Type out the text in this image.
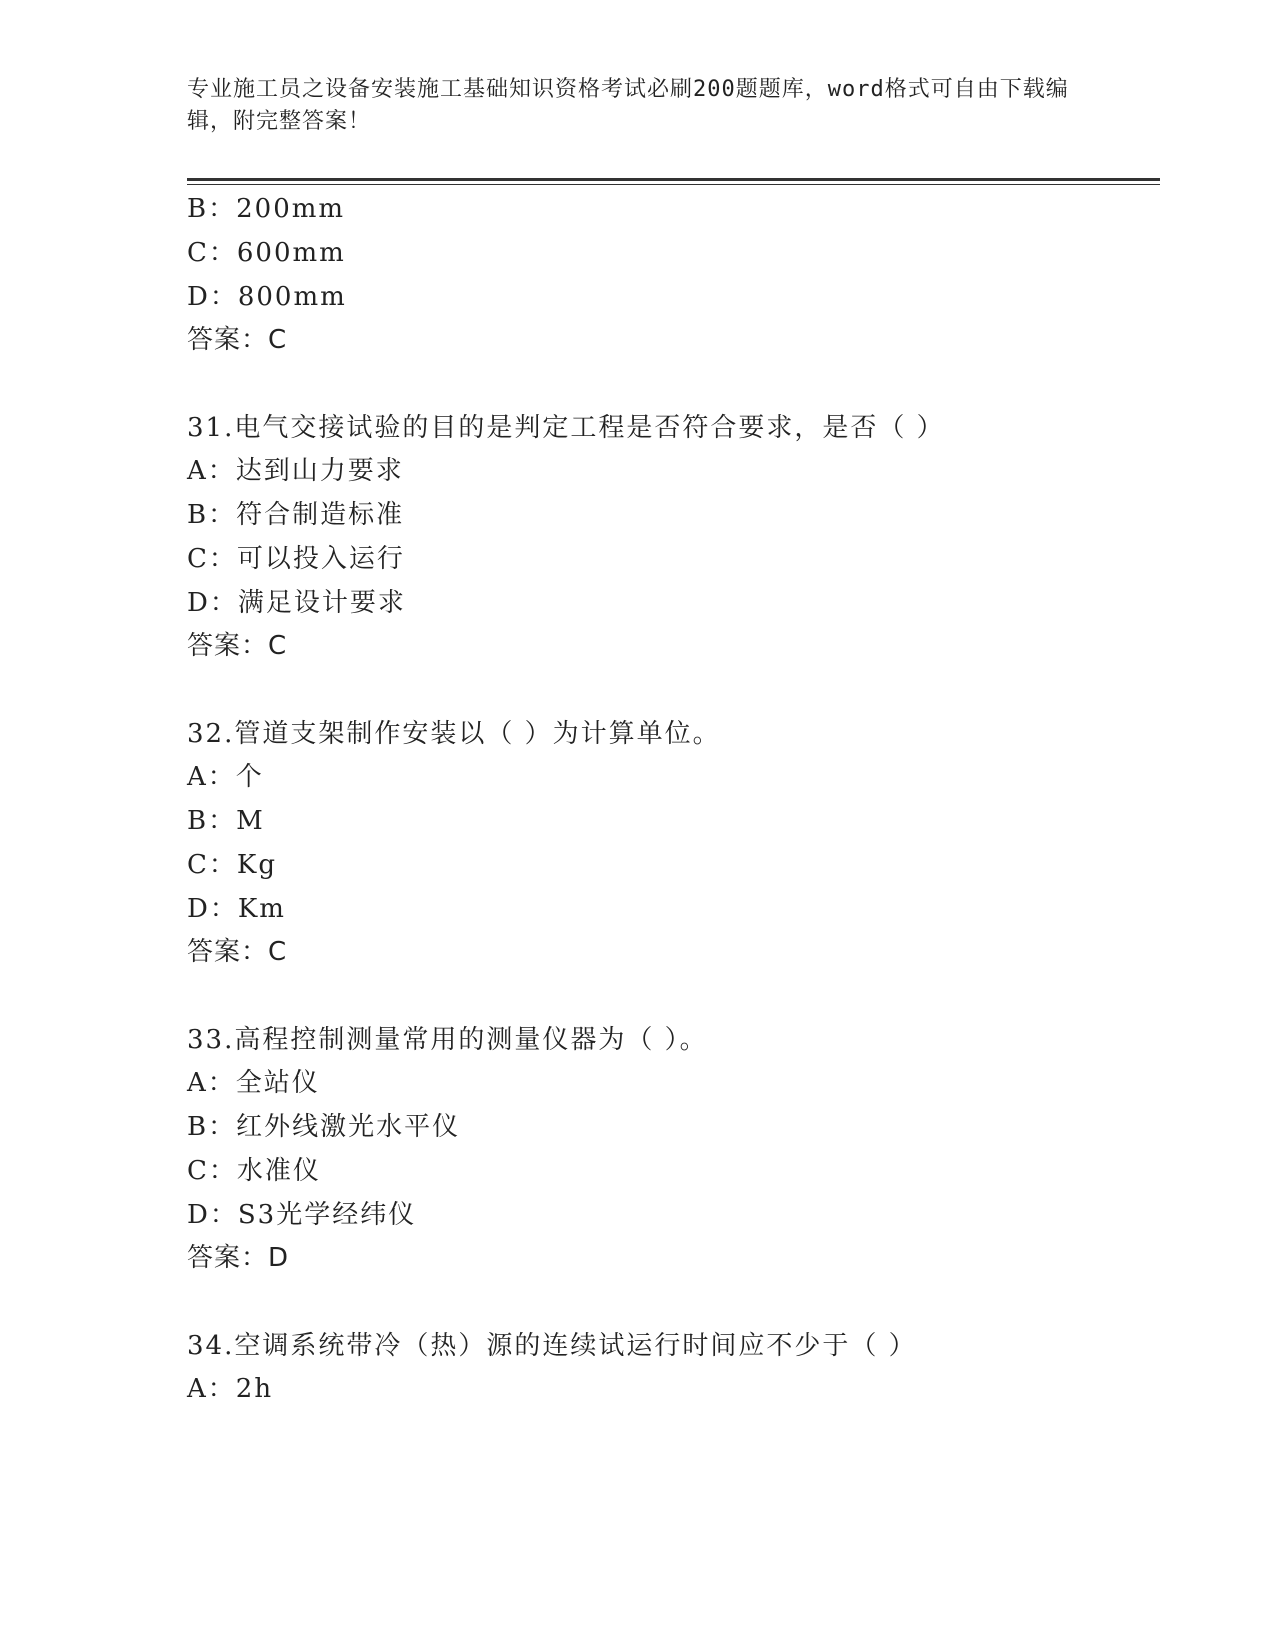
专业施工员之设备安装施工基础知识资格考试必刷200题题库，word格式可自由下载编辑，附完整答案！
B：200mm
C：600mm
D：800mm
答案：C
31.电气交接试验的目的是判定工程是否符合要求，是否（ ）
A：达到山力要求
B：符合制造标准
C：可以投入运行
D：满足设计要求
答案：C
32.管道支架制作安装以（ ）为计算单位。
A：个
B：M
C：Kg
D：Km
答案：C
33.高程控制测量常用的测量仪器为（ ）。
A：全站仪
B：红外线激光水平仪
C：水准仪
D：S3光学经纬仪
答案：D
34.空调系统带冷（热）源的连续试运行时间应不少于（ ）
A：2h
